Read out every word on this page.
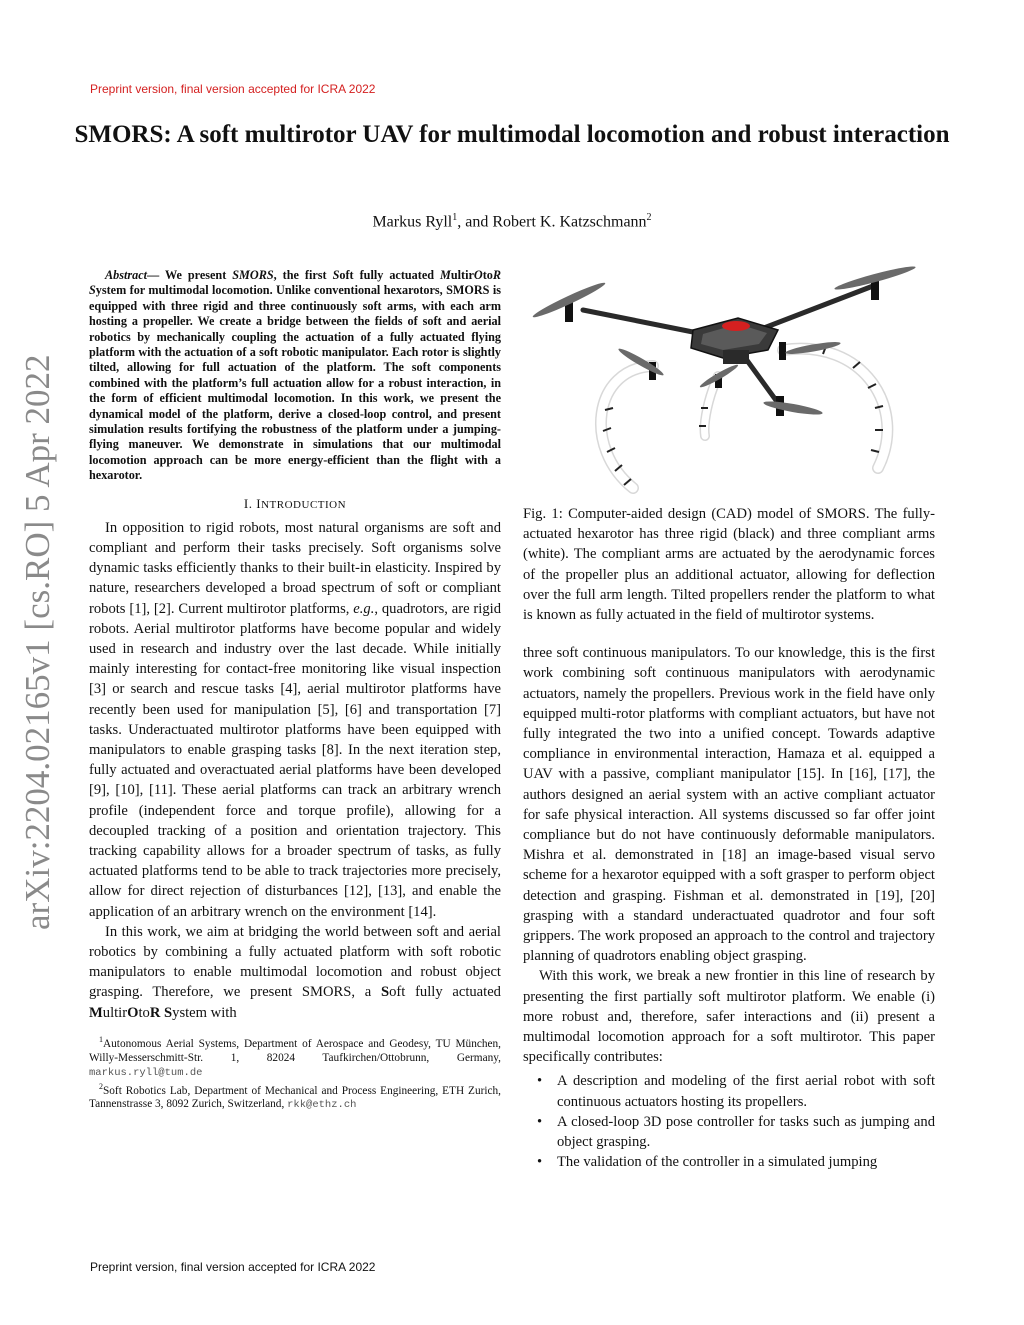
Preprint version, final version accepted for ICRA 2022
arXiv:2204.02165v1 [cs.RO] 5 Apr 2022
SMORS: A soft multirotor UAV for multimodal locomotion and robust interaction
Markus Ryll$^1$, and Robert K. Katzschmann$^2$

Abstract— We present SMORS, the first Soft fully actuated MultirOtoR System for multimodal locomotion. Unlike conventional hexarotors, SMORS is equipped with three rigid and three continuously soft arms, with each arm hosting a propeller. We create a bridge between the fields of soft and aerial robotics by mechanically coupling the actuation of a fully actuated flying platform with the actuation of a soft robotic manipulator. Each rotor is slightly tilted, allowing for full actuation of the platform. The soft components combined with the platform’s full actuation allow for a robust interaction, in the form of efficient multimodal locomotion. In this work, we present the dynamical model of the platform, derive a closed-loop control, and present simulation results fortifying the robustness of the platform under a jumping-flying maneuver. We demonstrate in simulations that our multimodal locomotion approach can be more energy-efficient than the flight with a hexarotor.

I. INTRODUCTION

In opposition to rigid robots, most natural organisms are soft and compliant and perform their tasks precisely. Soft organisms solve dynamic tasks efficiently thanks to their built-in elasticity. Inspired by nature, researchers developed a broad spectrum of soft or compliant robots [1], [2]. Current multirotor platforms, e.g., quadrotors, are rigid robots. Aerial multirotor platforms have become popular and widely used in research and industry over the last decade. While initially mainly interesting for contact-free monitoring like visual inspection [3] or search and rescue tasks [4], aerial multirotor platforms have recently been used for manipulation [5], [6] and transportation [7] tasks. Underactuated multirotor platforms have been equipped with manipulators to enable grasping tasks [8]. In the next iteration step, fully actuated and overactuated aerial platforms have been developed [9], [10], [11]. These aerial platforms can track an arbitrary wrench profile (independent force and torque profile), allowing for a decoupled tracking of a position and orientation trajectory. This tracking capability allows for a broader spectrum of tasks, as fully actuated platforms tend to be able to track trajectories more precisely, allow for direct rejection of disturbances [12], [13], and enable the application of an arbitrary wrench on the environment [14].

In this work, we aim at bridging the world between soft and aerial robotics by combining a fully actuated platform with soft robotic manipulators to enable multimodal locomotion and robust object grasping. Therefore, we present SMORS, a Soft fully actuated MultirOtoR System with

$^1$Autonomous Aerial Systems, Department of Aerospace and Geodesy, TU München, Willy-Messerschmitt-Str. 1, 82024 Taufkirchen/Ottobrunn, Germany, markus.ryll@tum.de

$^2$Soft Robotics Lab, Department of Mechanical and Process Engineering, ETH Zurich, Tannenstrasse 3, 8092 Zurich, Switzerland, rkk@ethz.ch

Fig. 1: Computer-aided design (CAD) model of SMORS. The fully-actuated hexarotor has three rigid (black) and three compliant arms (white). The compliant arms are actuated by the aerodynamic forces of the propeller plus an additional actuator, allowing for deflection over the full arm length. Tilted propellers render the platform to what is known as fully actuated in the field of multirotor systems.

three soft continuous manipulators. To our knowledge, this is the first work combining soft continuous manipulators with aerodynamic actuators, namely the propellers. Previous work in the field have only equipped multi-rotor platforms with compliant actuators, but have not fully integrated the two into a unified concept. Towards adaptive compliance in environmental interaction, Hamaza et al. equipped a UAV with a passive, compliant manipulator [15]. In [16], [17], the authors designed an aerial system with an active compliant actuator for safe physical interaction. All systems discussed so far offer joint compliance but do not have continuously deformable manipulators. Mishra et al. demonstrated in [18] an image-based visual servo scheme for a hexarotor equipped with a soft grasper to perform object detection and grasping. Fishman et al. demonstrated in [19], [20] grasping with a standard underactuated quadrotor and four soft grippers. The work proposed an approach to the control and trajectory planning of quadrotors enabling object grasping.

With this work, we break a new frontier in this line of research by presenting the first partially soft multirotor platform. We enable (i) more robust and, therefore, safer interactions and (ii) present a multimodal locomotion approach for a soft multirotor. This paper specifically contributes:

• A description and modeling of the first aerial robot with soft continuous actuators hosting its propellers.
• A closed-loop 3D pose controller for tasks such as jumping and object grasping.
• The validation of the controller in a simulated jumping
Preprint version, final version accepted for ICRA 2022
